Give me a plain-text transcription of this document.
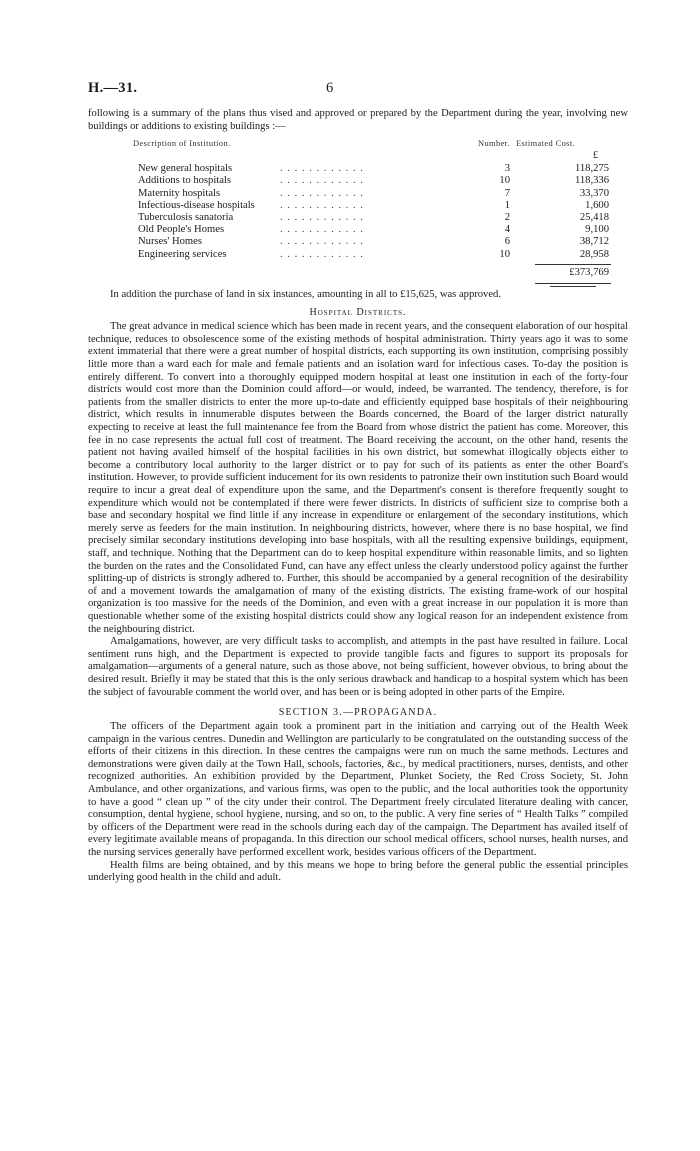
H.—31.	6

following is a summary of the plans thus vised and approved or prepared by the Department during the year, involving new buildings or additions to existing buildings :—

Description of Institution.	Number. Estimated Cost.
£
New general hospitals	. . . . . . . . . . . .	3	118,275
Additions to hospitals	. . . . . . . . . . . .	10	118,336
Maternity hospitals	. . . . . . . . . . . .	7	33,370
Infectious-disease hospitals . . . . . . . . . . . .	1	1,600
Tuberculosis sanatoria	. . . . . . . . . . . .	2	25,418
Old People's Homes	. . . . . . . . . . . .	4	9,100
Nurses' Homes	. . . . . . . . . . . .	6	38,712
Engineering services	. . . . . . . . . . . .	10	28,958
£373,769

In addition the purchase of land in six instances, amounting in all to £15,625, was approved.

Hospital Districts.

The great advance in medical science which has been made in recent years, and the consequent elaboration of our hospital technique, reduces to obsolescence some of the existing methods of hospital administration. Thirty years ago it was to some extent immaterial that there were a great number of hospital districts, each supporting its own institution, comprising possibly little more than a ward each for male and female patients and an isolation ward for infectious cases. To-day the position is entirely different. To convert into a thoroughly equipped modern hospital at least one institution in each of the forty-four districts would cost more than the Dominion could afford—or would, indeed, be warranted. The tendency, therefore, is for patients from the smaller districts to enter the more up-to-date and efficiently equipped base hospitals of their neighbouring district, which results in innumerable disputes between the Boards concerned, the Board of the larger district naturally expecting to receive at least the full maintenance fee from the Board from whose district the patient has come. Moreover, this fee in no case represents the actual full cost of treatment. The Board receiving the account, on the other hand, resents the patient not having availed himself of the hospital facilities in his own district, but somewhat illogically objects either to become a contributory local authority to the larger district or to pay for such of its patients as enter the other Board's institution. However, to provide sufficient inducement for its own residents to patronize their own institution such Board would require to incur a great deal of expenditure upon the same, and the Department's consent is therefore frequently sought to expenditure which would not be contemplated if there were fewer districts. In districts of sufficient size to comprise both a base and secondary hospital we find little if any increase in expenditure or enlargement of the secondary institutions, which merely serve as feeders for the main institution. In neighbouring districts, however, where there is no base hospital, we find precisely similar secondary institutions developing into base hospitals, with all the resulting expensive buildings, equipment, staff, and technique. Nothing that the Department can do to keep hospital expenditure within reasonable limits, and so lighten the burden on the rates and the Consolidated Fund, can have any effect unless the clearly understood policy against the further splitting-up of districts is strongly adhered to. Further, this should be accompanied by a general recognition of the desirability of and a movement towards the amalgamation of many of the existing districts. The existing frame-work of our hospital organization is too massive for the needs of the Dominion, and even with a great increase in our population it is more than questionable whether some of the existing hospital districts could show any logical reason for an independent existence from the neighbouring district.

Amalgamations, however, are very difficult tasks to accomplish, and attempts in the past have resulted in failure. Local sentiment runs high, and the Department is expected to provide tangible facts and figures to support its proposals for amalgamation—arguments of a general nature, such as those above, not being sufficient, however obvious, to bring about the desired result. Briefly it may be stated that this is the only serious drawback and handicap to a hospital system which has been the subject of favourable comment the world over, and has been or is being adopted in other parts of the Empire.

SECTION 3.—PROPAGANDA.

The officers of the Department again took a prominent part in the initiation and carrying out of the Health Week campaign in the various centres. Dunedin and Wellington are particularly to be congratulated on the outstanding success of the efforts of their citizens in this direction. In these centres the campaigns were run on much the same methods. Lectures and demonstrations were given daily at the Town Hall, schools, factories, &c., by medical practitioners, nurses, dentists, and other recognized authorities. An exhibition provided by the Department, Plunket Society, the Red Cross Society, St. John Ambulance, and other organizations, and various firms, was open to the public, and the local authorities took the opportunity to have a good “ clean up ” of the city under their control. The Department freely circulated literature dealing with cancer, consumption, dental hygiene, school hygiene, nursing, and so on, to the public. A very fine series of “ Health Talks ” compiled by officers of the Department were read in the schools during each day of the campaign. The Department has availed itself of every legitimate available means of propaganda. In this direction our school medical officers, school nurses, health nurses, and the nursing services generally have performed excellent work, besides various officers of the Department.

Health films are being obtained, and by this means we hope to bring before the general public the essential principles underlying good health in the child and adult.
